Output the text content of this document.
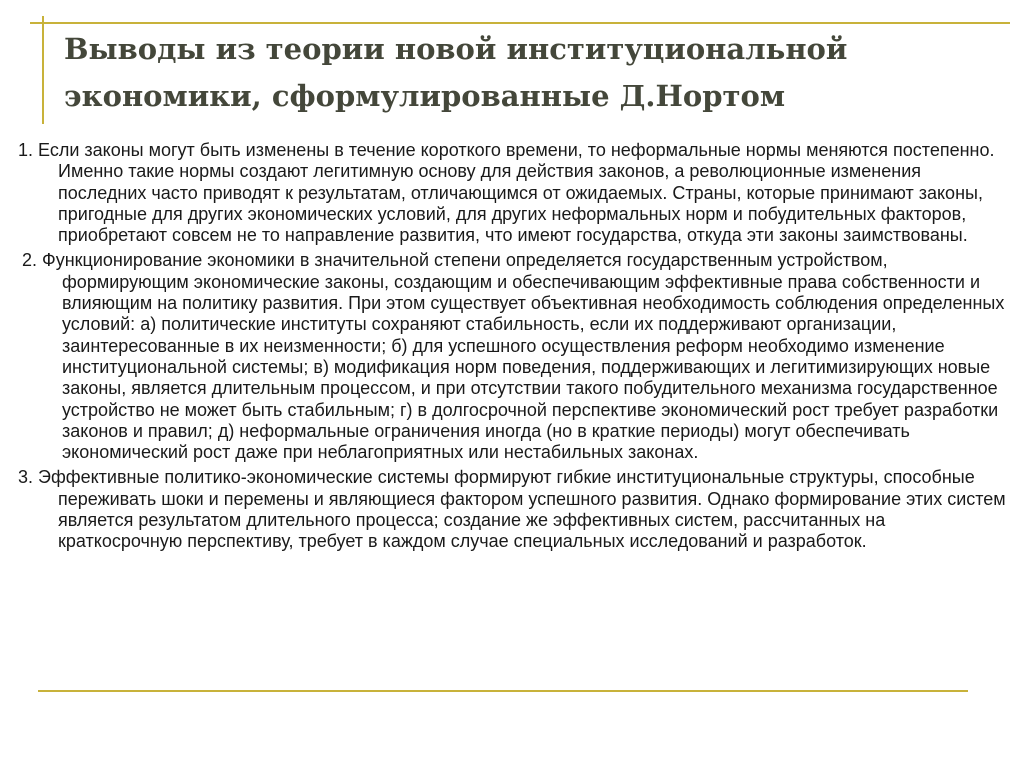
Выводы из теории новой институциональной экономики, сформулированные Д.Нортом

1. Если законы могут быть изменены в течение короткого времени, то неформальные нормы меняются постепенно. Именно такие нормы создают легитимную основу для действия законов, а революционные изменения последних часто приводят к результатам, отличающимся от ожидаемых. Страны, которые принимают законы, пригодные для других экономических условий, для других неформальных норм и побудительных факторов, приобретают совсем не то направление развития, что имеют государства, откуда эти законы заимствованы.

2. Функционирование экономики в значительной степени определяется государственным устройством, формирующим экономические законы, создающим и обеспечивающим эффективные права собственности и влияющим на политику развития. При этом существует объективная необходимость соблюдения определенных условий: а) политические институты сохраняют стабильность, если их поддерживают организации, заинтересованные в их неизменности; б) для успешного осуществления реформ необходимо изменение институциональной системы; в) модификация норм поведения, поддерживающих и легитимизирующих новые законы, является длительным процессом, и при отсутствии такого побудительного механизма государственное устройство не может быть стабильным; г) в долгосрочной перспективе экономический рост требует разработки законов и правил; д) неформальные ограничения иногда (но в краткие периоды) могут обеспечивать экономический рост даже при неблагоприятных или нестабильных законах.

3. Эффективные политико-экономические системы формируют гибкие институциональные структуры, способные переживать шоки и перемены и являющиеся фактором успешного развития. Однако формирование этих систем является результатом длительного процесса; создание же эффективных систем, рассчитанных на краткосрочную перспективу, требует в каждом случае специальных исследований и разработок.
